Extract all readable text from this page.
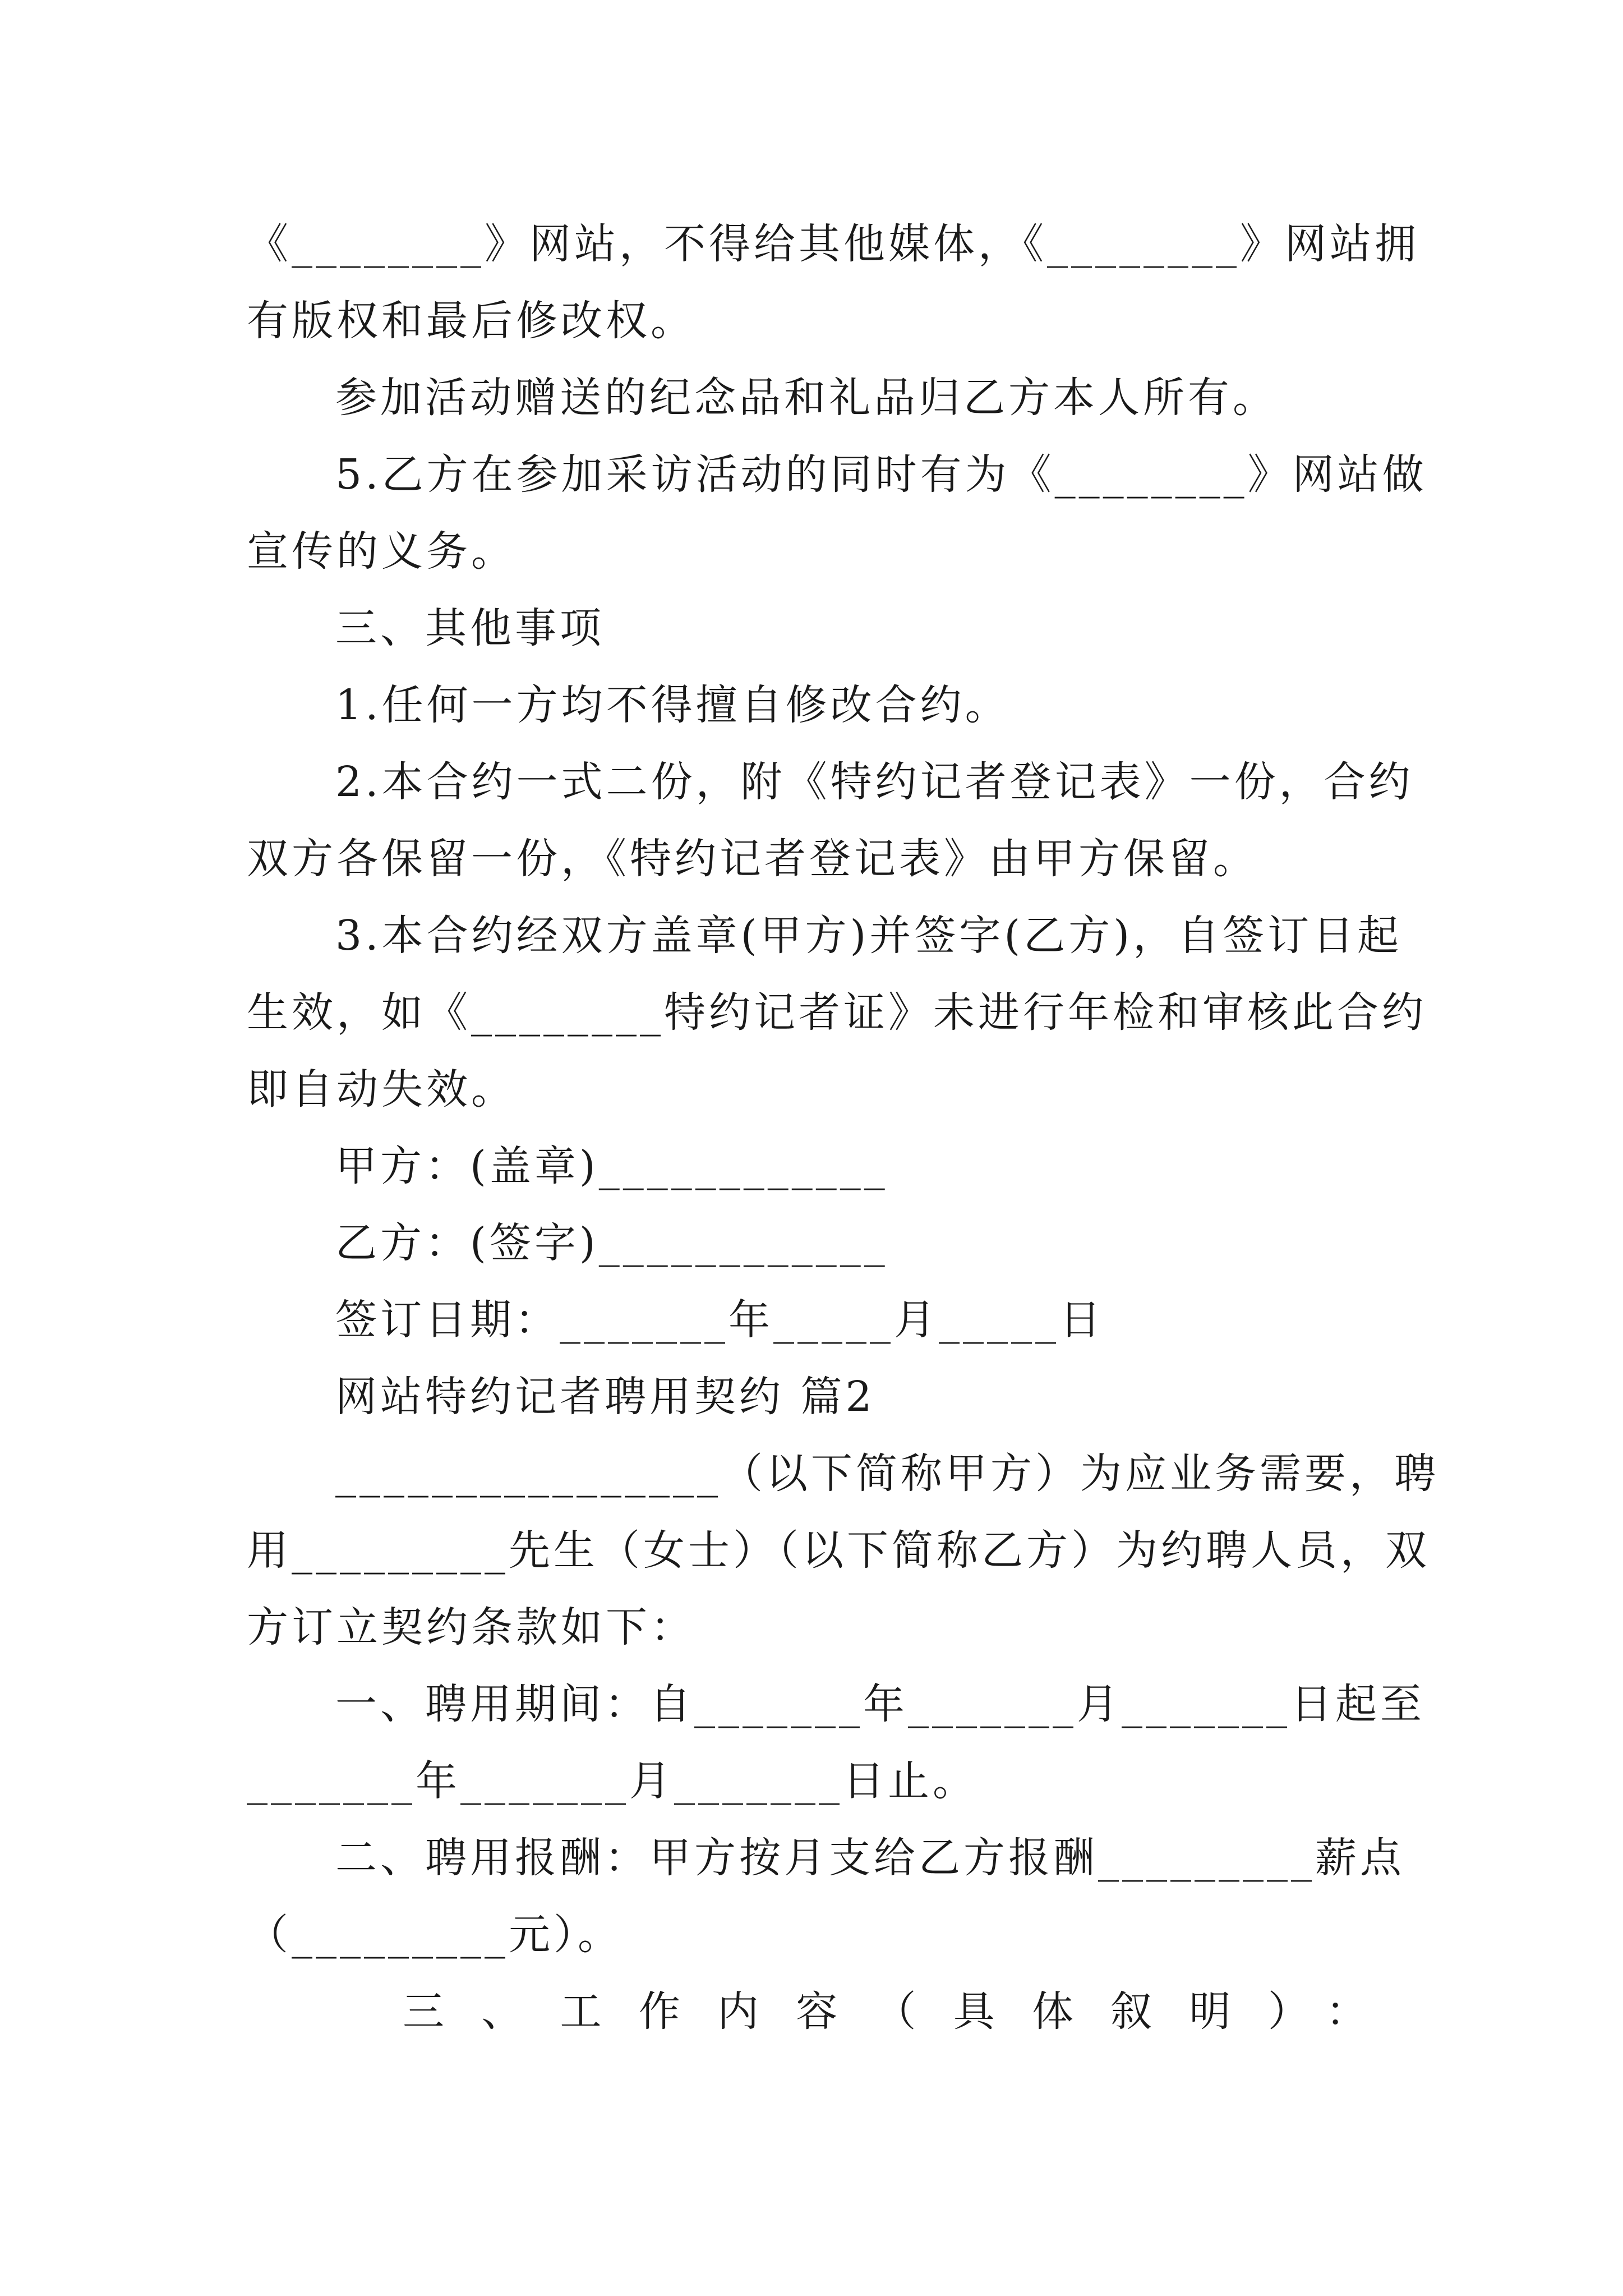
《________》网站，不得给其他媒体，《________》网站拥
有版权和最后修改权。
参加活动赠送的纪念品和礼品归乙方本人所有。
5.乙方在参加采访活动的同时有为《________》网站做
宣传的义务。
三、其他事项
1.任何一方均不得擅自修改合约。
2.本合约一式二份，附《特约记者登记表》一份，合约
双方各保留一份，《特约记者登记表》由甲方保留。
3.本合约经双方盖章(甲方)并签字(乙方)，自签订日起
生效，如《________特约记者证》未进行年检和审核此合约
即自动失效。
甲方：(盖章)____________
乙方：(签字)____________
签订日期：_______年_____月_____日
网站特约记者聘用契约 篇2
________________（以下简称甲方）为应业务需要，聘
用_________先生（女士）（以下简称乙方）为约聘人员，双
方订立契约条款如下：
一、聘用期间：自_______年_______月_______日起至
_______年_______月_______日止。
二、聘用报酬：甲方按月支给乙方报酬_________薪点
（_________元）。
三、工作内容（具体叙明）：
